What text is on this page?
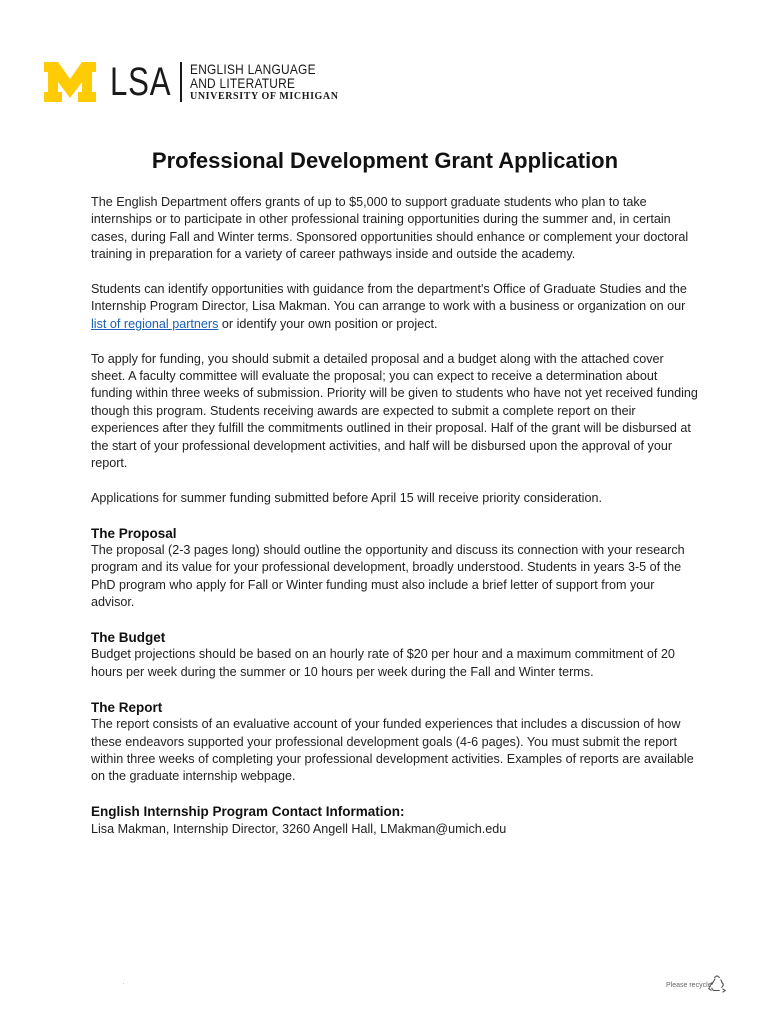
LSA ENGLISH LANGUAGE
AND LITERATURE
UNIVERSITY OF MICHIGAN
Professional Development Grant Application

The English Department offers grants of up to $5,000 to support graduate students who plan to take internships or to participate in other professional training opportunities during the summer and, in certain cases, during Fall and Winter terms. Sponsored opportunities should enhance or complement your doctoral training in preparation for a variety of career pathways inside and outside the academy.

Students can identify opportunities with guidance from the department's Office of Graduate Studies and the Internship Program Director, Lisa Makman. You can arrange to work with a business or organization on our list of regional partners or identify your own position or project.

To apply for funding, you should submit a detailed proposal and a budget along with the attached cover sheet. A faculty committee will evaluate the proposal; you can expect to receive a determination about funding within three weeks of submission. Priority will be given to students who have not yet received funding though this program. Students receiving awards are expected to submit a complete report on their experiences after they fulfill the commitments outlined in their proposal. Half of the grant will be disbursed at the start of your professional development activities, and half will be disbursed upon the approval of your report.

Applications for summer funding submitted before April 15 will receive priority consideration.

The Proposal

The proposal (2-3 pages long) should outline the opportunity and discuss its connection with your research program and its value for your professional development, broadly understood. Students in years 3-5 of the PhD program who apply for Fall or Winter funding must also include a brief letter of support from your advisor.

The Budget

Budget projections should be based on an hourly rate of $20 per hour and a maximum commitment of 20 hours per week during the summer or 10 hours per week during the Fall and Winter terms.

The Report

The report consists of an evaluative account of your funded experiences that includes a discussion of how these endeavors supported your professional development goals (4-6 pages). You must submit the report within three weeks of completing your professional development activities. Examples of reports are available on the graduate internship webpage.

English Internship Program Contact Information:
Lisa Makman, Internship Director, 3260 Angell Hall, LMakman@umich.edu
Please recycle
